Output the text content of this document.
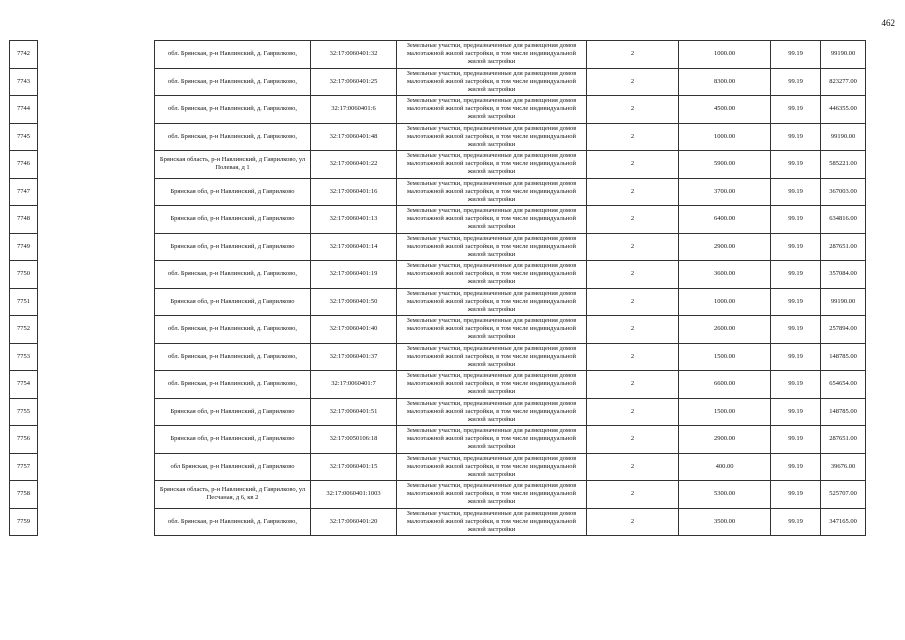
462
7742		обл. Брянская, р-н Навлинский, д. Гаврилково,	32:17:0060401:32	Земельные участки, предназначенные для размещения домов малоэтажной жилой застройки, в том числе индивидуальной жилой застройки	2	1000.00	99.19	99190.00
7743		обл. Брянская, р-н Навлинский, д. Гаврилково,	32:17:0060401:25	Земельные участки, предназначенные для размещения домов малоэтажной жилой застройки, в том числе индивидуальной жилой застройки	2	8300.00	99.19	823277.00
7744		обл. Брянская, р-н Навлинский, д. Гаврилково,	32:17:0060401:6	Земельные участки, предназначенные для размещения домов малоэтажной жилой застройки, в том числе индивидуальной жилой застройки	2	4500.00	99.19	446355.00
7745		обл. Брянская, р-н Навлинский, д. Гаврилково,	32:17:0060401:48	Земельные участки, предназначенные для размещения домов малоэтажной жилой застройки, в том числе индивидуальной жилой застройки	2	1000.00	99.19	99190.00
7746		Брянская область, р-н Навлинский, д Гаврилково, ул Полевая, д 1	32:17:0060401:22	Земельные участки, предназначенные для размещения домов малоэтажной жилой застройки, в том числе индивидуальной жилой застройки	2	5900.00	99.19	585221.00
7747		Брянская обл, р-н Навлинский, д Гаврилково	32:17:0060401:16	Земельные участки, предназначенные для размещения домов малоэтажной жилой застройки, в том числе индивидуальной жилой застройки	2	3700.00	99.19	367003.00
7748		Брянская обл, р-н Навлинский, д Гаврилково	32:17:0060401:13	Земельные участки, предназначенные для размещения домов малоэтажной жилой застройки, в том числе индивидуальной жилой застройки	2	6400.00	99.19	634816.00
7749		Брянская обл, р-н Навлинский, д Гаврилково	32:17:0060401:14	Земельные участки, предназначенные для размещения домов малоэтажной жилой застройки, в том числе индивидуальной жилой застройки	2	2900.00	99.19	287651.00
7750		обл. Брянская, р-н Навлинский, д. Гаврилково,	32:17:0060401:19	Земельные участки, предназначенные для размещения домов малоэтажной жилой застройки, в том числе индивидуальной жилой застройки	2	3600.00	99.19	357084.00
7751		Брянская обл, р-н Навлинский, д Гаврилково	32:17:0060401:50	Земельные участки, предназначенные для размещения домов малоэтажной жилой застройки, в том числе индивидуальной жилой застройки	2	1000.00	99.19	99190.00
7752		обл. Брянская, р-н Навлинский, д. Гаврилково,	32:17:0060401:40	Земельные участки, предназначенные для размещения домов малоэтажной жилой застройки, в том числе индивидуальной жилой застройки	2	2600.00	99.19	257894.00
7753		обл. Брянская, р-н Навлинский, д. Гаврилково,	32:17:0060401:37	Земельные участки, предназначенные для размещения домов малоэтажной жилой застройки, в том числе индивидуальной жилой застройки	2	1500.00	99.19	148785.00
7754		обл. Брянская, р-н Навлинский, д. Гаврилково,	32:17:0060401:7	Земельные участки, предназначенные для размещения домов малоэтажной жилой застройки, в том числе индивидуальной жилой застройки	2	6600.00	99.19	654654.00
7755		Брянская обл, р-н Навлинский, д Гаврилково	32:17:0060401:51	Земельные участки, предназначенные для размещения домов малоэтажной жилой застройки, в том числе индивидуальной жилой застройки	2	1500.00	99.19	148785.00
7756		Брянская обл, р-н Навлинский, д Гаврилково	32:17:0050106:18	Земельные участки, предназначенные для размещения домов малоэтажной жилой застройки, в том числе индивидуальной жилой застройки	2	2900.00	99.19	287651.00
7757		обл Брянская, р-н Навлинский, д Гаврилково	32:17:0060401:15	Земельные участки, предназначенные для размещения домов малоэтажной жилой застройки, в том числе индивидуальной жилой застройки	2	400.00	99.19	39676.00
7758		Брянская область, р-н Навлинский, д Гаврилково, ул Песчаная, д 6, кв 2	32:17:0060401:1003	Земельные участки, предназначенные для размещения домов малоэтажной жилой застройки, в том числе индивидуальной жилой застройки	2	5300.00	99.19	525707.00
7759		обл. Брянская, р-н Навлинский, д. Гаврилково,	32:17:0060401:20	Земельные участки, предназначенные для размещения домов малоэтажной жилой застройки, в том числе индивидуальной жилой застройки	2	3500.00	99.19	347165.00
